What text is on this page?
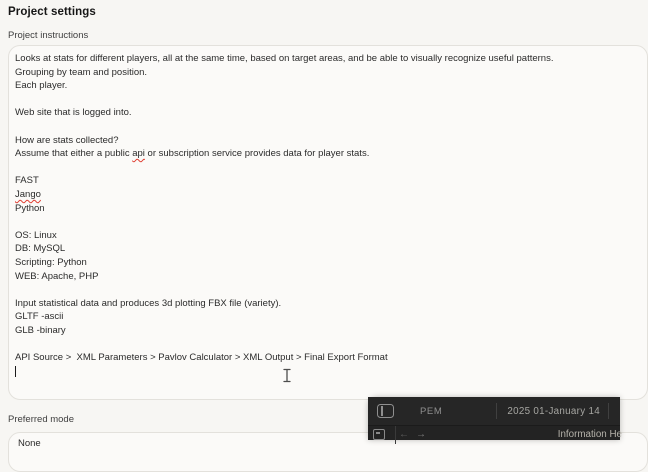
Project settings
Project instructions
Looks at stats for different players, all at the same time, based on target areas, and be able to visually recognize useful patterns.
Grouping by team and position.
Each player.
Web site that is logged into.
How are stats collected?
Assume that either a public api or subscription service provides data for player stats.
FAST
Jango
Python
OS: Linux
DB: MySQL
Scripting: Python
WEB: Apache, PHP
Input statistical data and produces 3d plotting FBX file (variety).
GLTF -ascii
GLB -binary
API Source >  XML Parameters > Pavlov Calculator > XML Output > Final Export Format
Preferred mode
None
PEM	2025 01-January 14
← →	Information He
